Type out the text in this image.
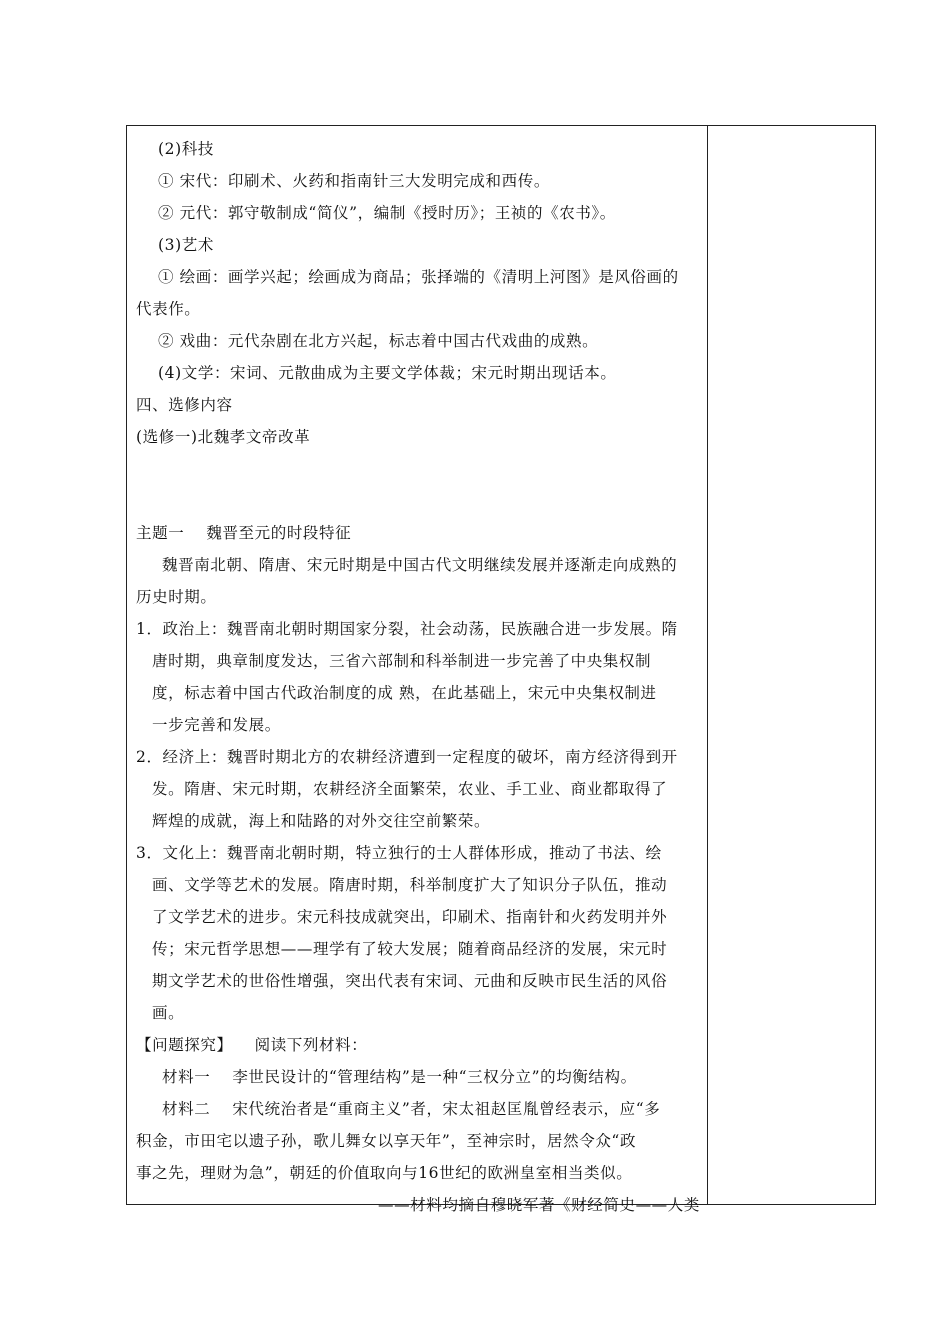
(2)科技

① 宋代：印刷术、火药和指南针三大发明完成和西传。

② 元代：郭守敬制成“简仪”，编制《授时历》；王祯的《农书》。

(3)艺术

① 绘画：画学兴起；绘画成为商品；张择端的《清明上河图》是风俗画的

代表作。

② 戏曲：元代杂剧在北方兴起，标志着中国古代戏曲的成熟。

(4)文学：宋词、元散曲成为主要文学体裁；宋元时期出现话本。

四、选修内容

(选修一)北魏孝文帝改革

主题一 魏晋至元的时段特征

魏晋南北朝、隋唐、宋元时期是中国古代文明继续发展并逐渐走向成熟的

历史时期。

1．政治上：魏晋南北朝时期国家分裂，社会动荡，民族融合进一步发展。隋

唐时期，典章制度发达，三省六部制和科举制进一步完善了中央集权制

度，标志着中国古代政治制度的成 熟，在此基础上，宋元中央集权制进

一步完善和发展。

2．经济上：魏晋时期北方的农耕经济遭到一定程度的破坏，南方经济得到开

发。隋唐、宋元时期，农耕经济全面繁荣，农业、手工业、商业都取得了

辉煌的成就，海上和陆路的对外交往空前繁荣。

3．文化上：魏晋南北朝时期，特立独行的士人群体形成，推动了书法、绘

画、文学等艺术的发展。隋唐时期，科举制度扩大了知识分子队伍，推动

了文学艺术的进步。宋元科技成就突出，印刷术、指南针和火药发明并外

传；宋元哲学思想——理学有了较大发展；随着商品经济的发展，宋元时

期文学艺术的世俗性增强，突出代表有宋词、元曲和反映市民生活的风俗

画。

【问题探究】 阅读下列材料：

材料一 李世民设计的“管理结构”是一种“三权分立”的均衡结构。

材料二 宋代统治者是“重商主义”者，宋太祖赵匡胤曾经表示，应“多

积金，市田宅以遗子孙，歌儿舞女以享天年”，至神宗时，居然令众“政

事之先，理财为急”，朝廷的价值取向与16世纪的欧洲皇室相当类似。

——材料均摘自穆晓军著《财经简史——人类
